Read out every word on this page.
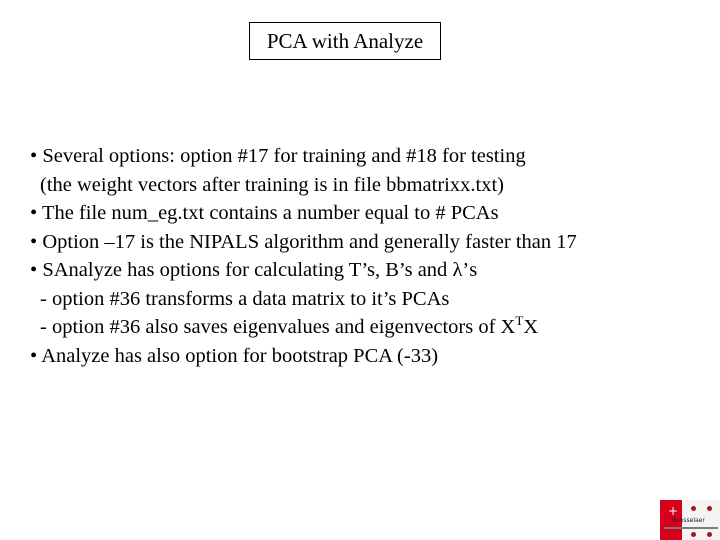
PCA with Analyze
• Several options: option #17 for training and #18 for testing
(the weight vectors after training is in file bbmatrixx.txt)
• The file num_eg.txt contains a number equal to # PCAs
• Option –17 is the NIPALS algorithm and generally faster than 17
• SAnalyze has options for calculating T’s, B’s and λ’s
- option #36 transforms a data matrix to it’s PCAs
- option #36 also saves eigenvalues and eigenvectors of $X^TX$
• Analyze has also option for bootstrap PCA (-33)
+
Rensselaer
